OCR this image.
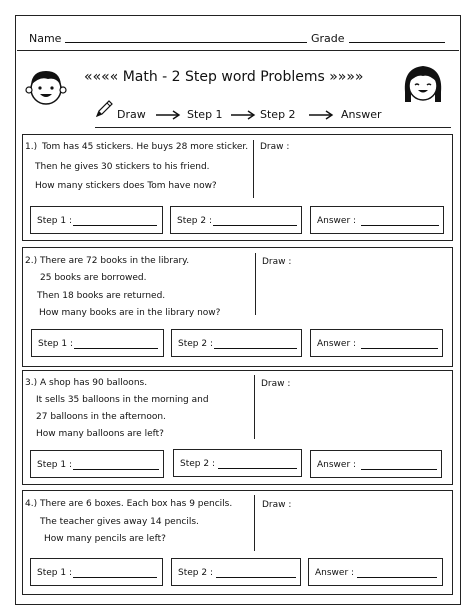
Name	Grade
«««« Math - 2 Step word Problems »»»»
Draw	Step 1	Step 2	Answer
1.) Tom has 45 stickers. He buys 28 more sticker.
Then he gives 30 stickers to his friend.
How many stickers does Tom have now?
Draw :
Step 1 :	Step 2 :	Answer :
2.) There are 72 books in the library.
25 books are borrowed.
Then 18 books are returned.
How many books are in the library now?
Draw :
Step 1 :	Step 2 :	Answer :
3.) A shop has 90 balloons.
It sells 35 balloons in the morning and
27 balloons in the afternoon.
How many balloons are left?
Draw :
Step 1 :	Step 2 :	Answer :
4.) There are 6 boxes. Each box has 9 pencils.
The teacher gives away 14 pencils.
How many pencils are left?
Draw :
Step 1 :	Step 2 :	Answer :
